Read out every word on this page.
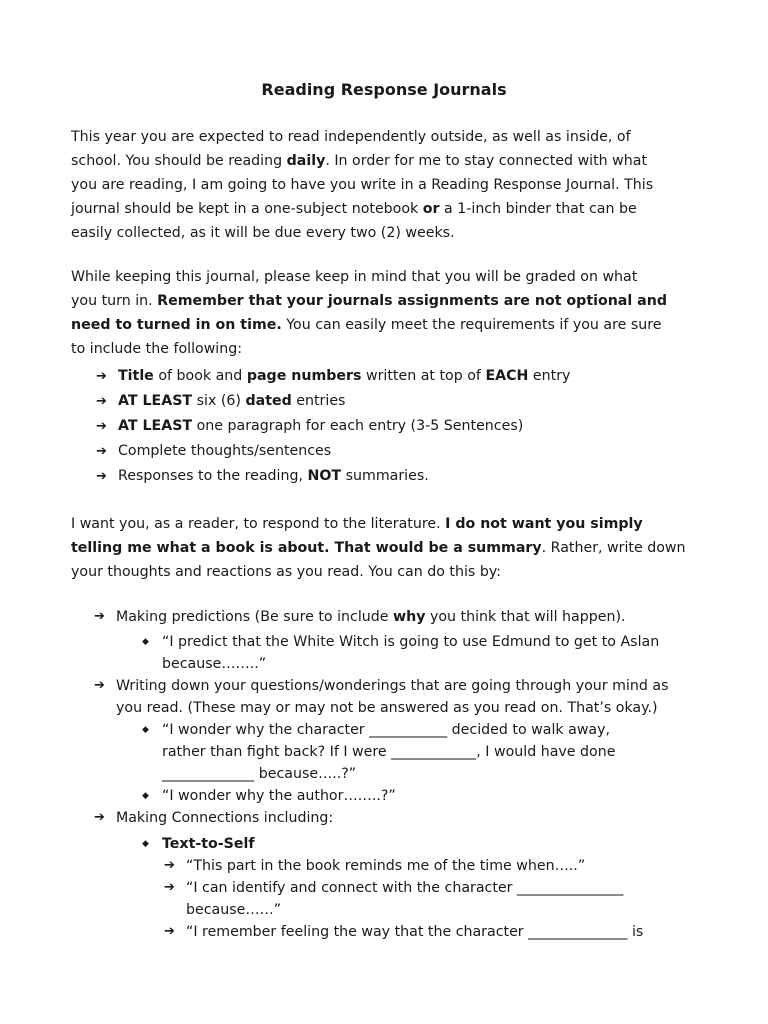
Reading Response Journals
This year you are expected to read independently outside, as well as inside, of
school. You should be reading daily. In order for me to stay connected with what
you are reading, I am going to have you write in a Reading Response Journal. This
journal should be kept in a one-subject notebook or a 1-inch binder that can be
easily collected, as it will be due every two (2) weeks.
While keeping this journal, please keep in mind that you will be graded on what
you turn in. Remember that your journals assignments are not optional and
need to turned in on time. You can easily meet the requirements if you are sure
to include the following:
➔ Title of book and page numbers written at top of EACH entry
➔ AT LEAST six (6) dated entries
➔ AT LEAST one paragraph for each entry (3-5 Sentences)
➔ Complete thoughts/sentences
➔ Responses to the reading, NOT summaries.
I want you, as a reader, to respond to the literature. I do not want you simply
telling me what a book is about. That would be a summary. Rather, write down
your thoughts and reactions as you read. You can do this by:
➔ Making predictions (Be sure to include why you think that will happen).
◆ “I predict that the White Witch is going to use Edmund to get to Aslan
because……..”
➔ Writing down your questions/wonderings that are going through your mind as
you read. (These may or may not be answered as you read on. That’s okay.)
◆ “I wonder why the character ___________ decided to walk away,
rather than fight back? If I were ____________, I would have done
_____________ because…..?”
◆ “I wonder why the author……..?”
➔ Making Connections including:
◆ Text-to-Self
➔ “This part in the book reminds me of the time when…..”
➔ “I can identify and connect with the character _______________
because……”
➔ “I remember feeling the way that the character ______________ is
